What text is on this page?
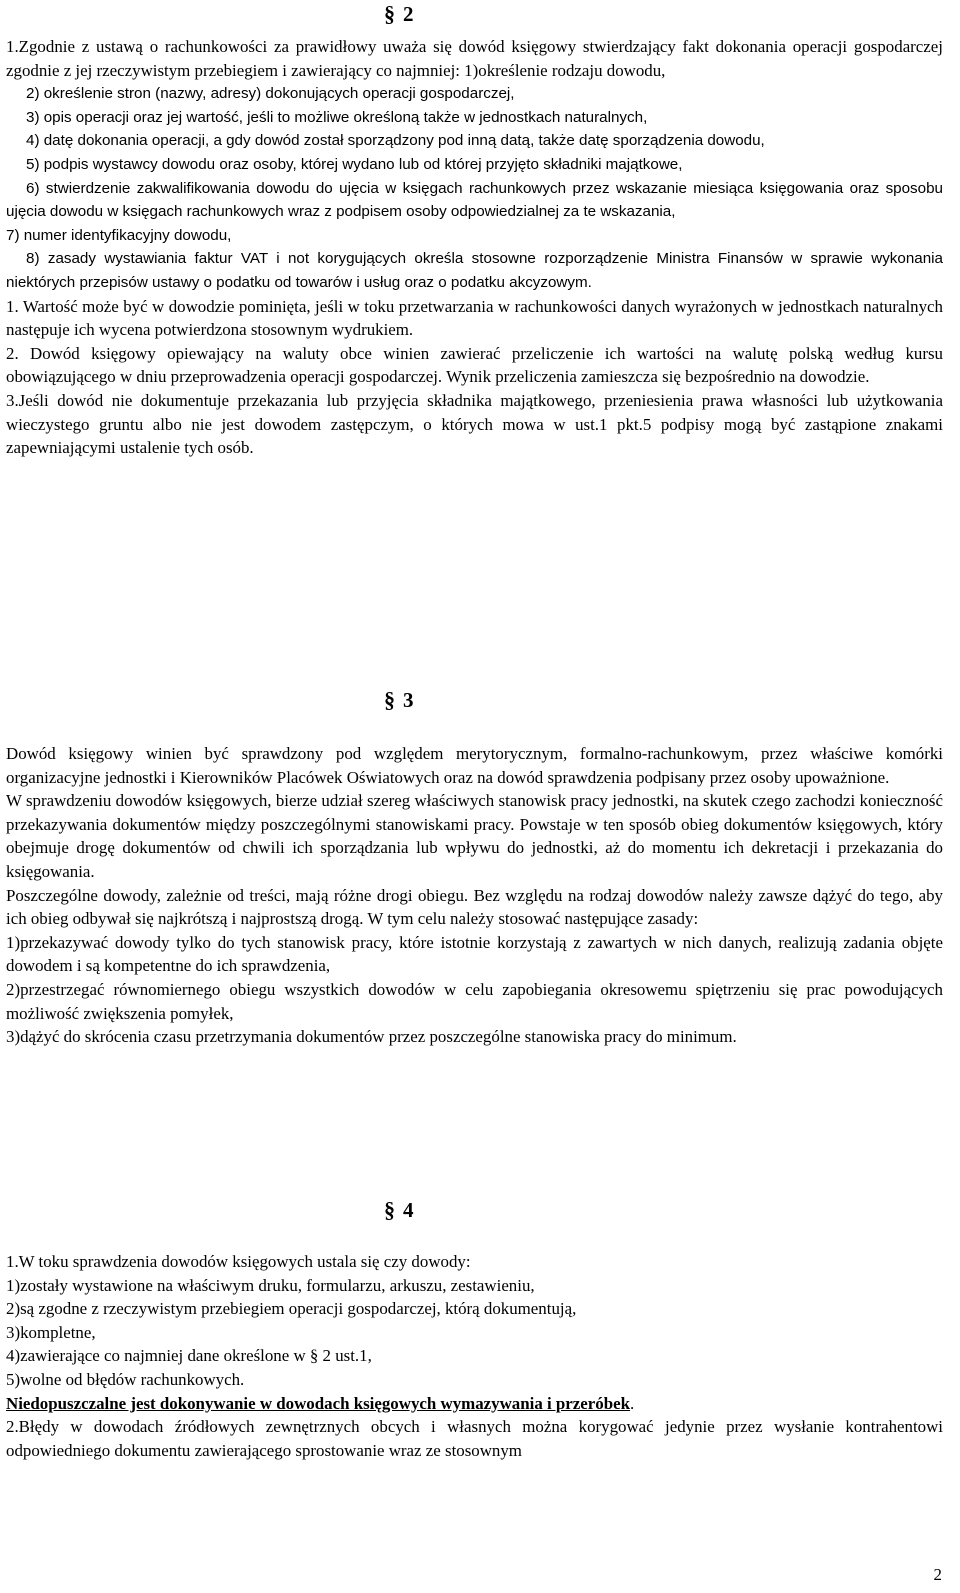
§ 2

1.Zgodnie z ustawą o rachunkowości za prawidłowy uważa się dowód księgowy stwierdzający fakt dokonania operacji gospodarczej zgodnie z jej rzeczywistym przebiegiem i zawierający co najmniej: 1)określenie rodzaju dowodu,

2) określenie stron (nazwy, adresy) dokonujących operacji gospodarczej,

3) opis operacji oraz jej wartość, jeśli to możliwe określoną także w jednostkach naturalnych,

4) datę dokonania operacji, a gdy dowód został sporządzony pod inną datą, także datę sporządzenia dowodu,

5) podpis wystawcy dowodu oraz osoby, której wydano lub od której przyjęto składniki majątkowe,

6) stwierdzenie zakwalifikowania dowodu do ujęcia w księgach rachunkowych przez wskazanie miesiąca księgowania oraz sposobu ujęcia dowodu w księgach rachunkowych wraz z podpisem osoby odpowiedzialnej za te wskazania,

7) numer identyfikacyjny dowodu,

8) zasady wystawiania faktur VAT i not korygujących określa stosowne rozporządzenie Ministra Finansów w sprawie wykonania niektórych przepisów ustawy o podatku od towarów i usług oraz o podatku akcyzowym.

1. Wartość może być w dowodzie pominięta, jeśli w toku przetwarzania w rachunkowości danych wyrażonych w jednostkach naturalnych następuje ich wycena potwierdzona stosownym wydrukiem.

2. Dowód księgowy opiewający na waluty obce winien zawierać przeliczenie ich wartości na walutę polską według kursu obowiązującego w dniu przeprowadzenia operacji gospodarczej. Wynik przeliczenia zamieszcza się bezpośrednio na dowodzie.

3.Jeśli dowód nie dokumentuje przekazania lub przyjęcia składnika majątkowego, przeniesienia prawa własności lub użytkowania wieczystego gruntu albo nie jest dowodem zastępczym, o których mowa w ust.1 pkt.5 podpisy mogą być zastąpione znakami zapewniającymi ustalenie tych osób.

§ 3

Dowód księgowy winien być sprawdzony pod względem merytorycznym, formalno-rachunkowym, przez właściwe komórki organizacyjne jednostki i Kierowników Placówek Oświatowych oraz na dowód sprawdzenia podpisany przez osoby upoważnione.

W sprawdzeniu dowodów księgowych, bierze udział szereg właściwych stanowisk pracy jednostki, na skutek czego zachodzi konieczność przekazywania dokumentów między poszczególnymi stanowiskami pracy. Powstaje w ten sposób obieg dokumentów księgowych, który obejmuje drogę dokumentów od chwili ich sporządzania lub wpływu do jednostki, aż do momentu ich dekretacji i przekazania do księgowania.

Poszczególne dowody, zależnie od treści, mają różne drogi obiegu. Bez względu na rodzaj dowodów należy zawsze dążyć do tego, aby ich obieg odbywał się najkrótszą i najprostszą drogą. W tym celu należy stosować następujące zasady:

1)przekazywać dowody tylko do tych stanowisk pracy, które istotnie korzystają z zawartych w nich danych, realizują zadania objęte dowodem i są kompetentne do ich sprawdzenia,

2)przestrzegać równomiernego obiegu wszystkich dowodów w celu zapobiegania okresowemu spiętrzeniu się prac powodujących możliwość zwiększenia pomyłek,

3)dążyć do skrócenia czasu przetrzymania dokumentów przez poszczególne stanowiska pracy do minimum.

§ 4

1.W toku sprawdzenia dowodów księgowych ustala się czy dowody:

1)zostały wystawione na właściwym druku, formularzu, arkuszu, zestawieniu,

2)są zgodne z rzeczywistym przebiegiem operacji gospodarczej, którą dokumentują,

3)kompletne,

4)zawierające co najmniej dane określone w § 2 ust.1,

5)wolne od błędów rachunkowych.

Niedopuszczalne jest dokonywanie w dowodach księgowych wymazywania i przeróbek.

2.Błędy w dowodach źródłowych zewnętrznych obcych i własnych można korygować jedynie przez wysłanie kontrahentowi odpowiedniego dokumentu zawierającego sprostowanie wraz ze stosownym

2
